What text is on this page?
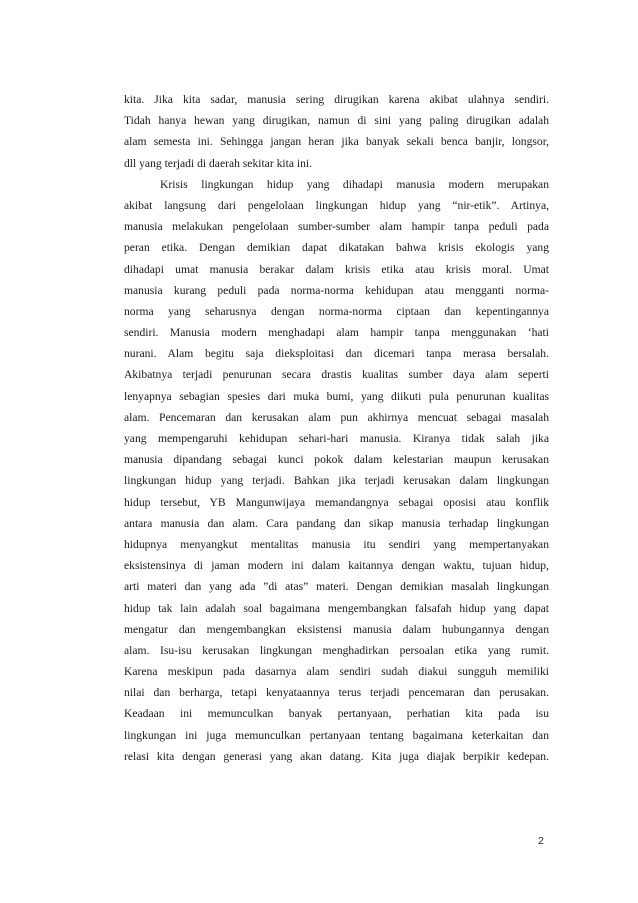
kita. Jika kita sadar, manusia sering dirugikan karena akibat ulahnya sendiri.
Tidah hanya hewan yang dirugikan, namun di sini yang paling dirugikan adalah
alam semesta ini. Sehingga jangan heran jika banyak sekali benca banjir, longsor,
dll yang terjadi di daerah sekitar kita ini.
Krisis lingkungan hidup yang dihadapi manusia modern merupakan
akibat langsung dari pengelolaan lingkungan hidup yang “nir-etik”. Artinya,
manusia melakukan pengelolaan sumber-sumber alam hampir tanpa peduli pada
peran etika. Dengan demikian dapat dikatakan bahwa krisis ekologis yang
dihadapi umat manusia berakar dalam krisis etika atau krisis moral. Umat
manusia kurang peduli pada norma-norma kehidupan atau mengganti norma-
norma yang seharusnya dengan norma-norma ciptaan dan kepentingannya
sendiri. Manusia modern menghadapi alam hampir tanpa menggunakan ‘hati
nurani. Alam begitu saja dieksploitasi dan dicemari tanpa merasa bersalah.
Akibatnya terjadi penurunan secara drastis kualitas sumber daya alam seperti
lenyapnya sebagian spesies dari muka bumi, yang diikuti pula penurunan kualitas
alam. Pencemaran dan kerusakan alam pun akhirnya mencuat sebagai masalah
yang mempengaruhi kehidupan sehari-hari manusia. Kiranya tidak salah jika
manusia dipandang sebagai kunci pokok dalam kelestarian maupun kerusakan
lingkungan hidup yang terjadi. Bahkan jika terjadi kerusakan dalam lingkungan
hidup tersebut, YB Mangunwijaya memandangnya sebagai oposisi atau konflik
antara manusia dan alam. Cara pandang dan sikap manusia terhadap lingkungan
hidupnya menyangkut mentalitas manusia itu sendiri yang mempertanyakan
eksistensinya di jaman modern ini dalam kaitannya dengan waktu, tujuan hidup,
arti materi dan yang ada ”di atas” materi. Dengan demikian masalah lingkungan
hidup tak lain adalah soal bagaimana mengembangkan falsafah hidup yang dapat
mengatur dan mengembangkan eksistensi manusia dalam hubungannya dengan
alam. Isu-isu kerusakan lingkungan menghadirkan persoalan etika yang rumit.
Karena meskipun pada dasarnya alam sendiri sudah diakui sungguh memiliki
nilai dan berharga, tetapi kenyataannya terus terjadi pencemaran dan perusakan.
Keadaan ini memunculkan banyak pertanyaan, perhatian kita pada isu
lingkungan ini juga memunculkan pertanyaan tentang bagaimana keterkaitan dan
relasi kita dengan generasi yang akan datang. Kita juga diajak berpikir kedepan.
2
